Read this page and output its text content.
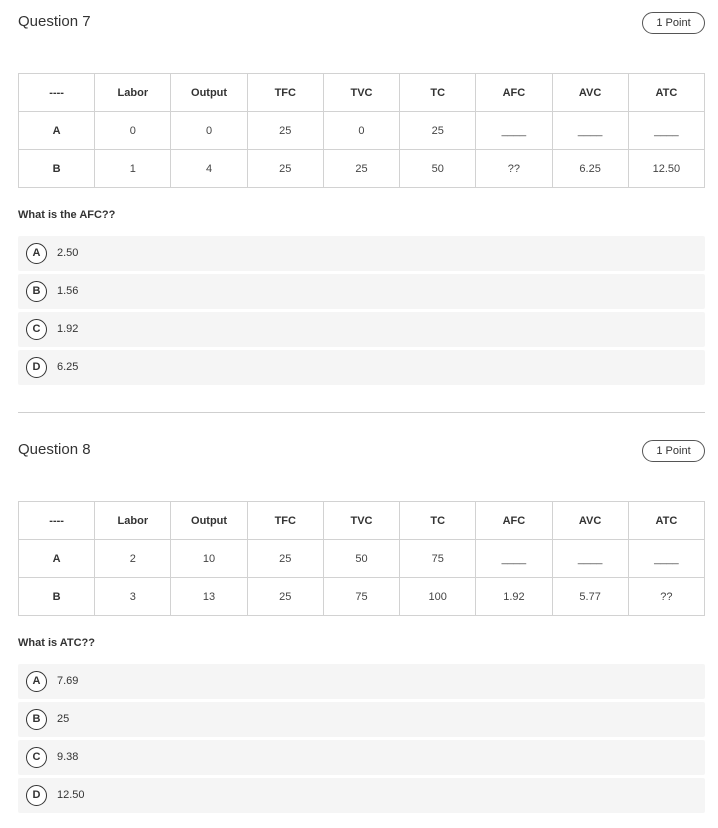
Question 7	1 Point
----	Labor	Output	TFC	TVC	TC	AFC	AVC	ATC
A	0	0	25	0	25	____	____	____
B	1	4	25	25	50	??	6.25	12.50
What is the AFC??
A	2.50
B	1.56
C	1.92
D	6.25
Question 8	1 Point
----	Labor	Output	TFC	TVC	TC	AFC	AVC	ATC
A	2	10	25	50	75	____	____	____
B	3	13	25	75	100	1.92	5.77	??
What is ATC??
A	7.69
B	25
C	9.38
D	12.50
